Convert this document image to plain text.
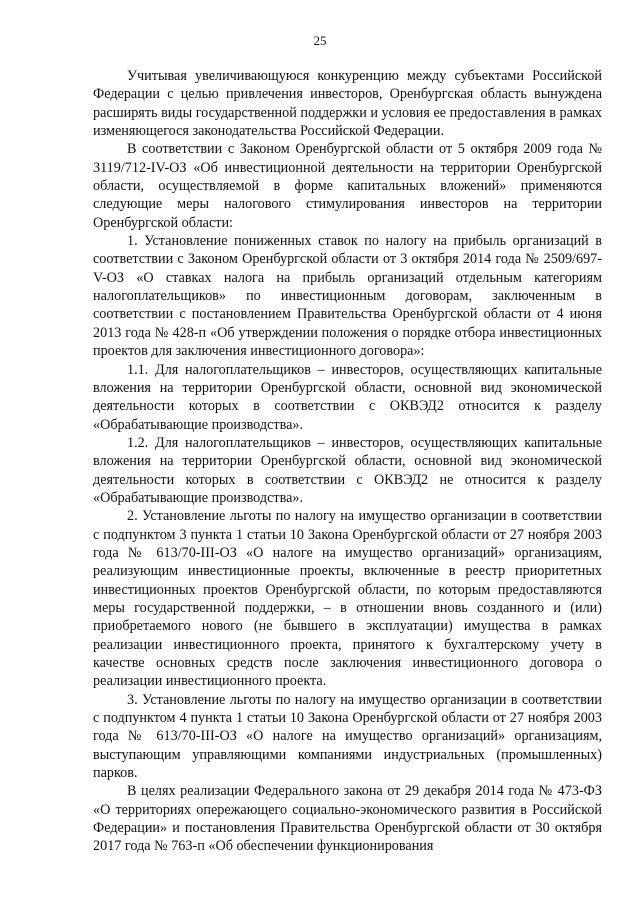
25

Учитывая увеличивающуюся конкуренцию между субъектами Российской Федерации с целью привлечения инвесторов, Оренбургская область вынуждена расширять виды государственной поддержки и условия ее предоставления в рамках изменяющегося законодательства Российской Федерации.

В соответствии с Законом Оренбургской области от 5 октября 2009 года № 3119/712-IV-ОЗ «Об инвестиционной деятельности на территории Оренбургской области, осуществляемой в форме капитальных вложений» применяются следующие меры налогового стимулирования инвесторов на территории Оренбургской области:

1. Установление пониженных ставок по налогу на прибыль организаций в соответствии с Законом Оренбургской области от 3 октября 2014 года № 2509/697-V-ОЗ «О ставках налога на прибыль организаций отдельным категориям налогоплательщиков» по инвестиционным договорам, заключенным в соответствии с постановлением Правительства Оренбургской области от 4 июня 2013 года № 428-п «Об утверждении положения о порядке отбора инвестиционных проектов для заключения инвестиционного договора»:

1.1. Для налогоплательщиков – инвесторов, осуществляющих капитальные вложения на территории Оренбургской области, основной вид экономической деятельности которых в соответствии с ОКВЭД2 относится к разделу «Обрабатывающие производства».

1.2. Для налогоплательщиков – инвесторов, осуществляющих капитальные вложения на территории Оренбургской области, основной вид экономической деятельности которых в соответствии с ОКВЭД2 не относится к разделу «Обрабатывающие производства».

2. Установление льготы по налогу на имущество организации в соответствии с подпунктом 3 пункта 1 статьи 10 Закона Оренбургской области от 27 ноября 2003 года № 613/70-III-ОЗ «О налоге на имущество организаций» организациям, реализующим инвестиционные проекты, включенные в реестр приоритетных инвестиционных проектов Оренбургской области, по которым предоставляются меры государственной поддержки, – в отношении вновь созданного и (или) приобретаемого нового (не бывшего в эксплуатации) имущества в рамках реализации инвестиционного проекта, принятого к бухгалтерскому учету в качестве основных средств после заключения инвестиционного договора о реализации инвестиционного проекта.

3. Установление льготы по налогу на имущество организации в соответствии с подпунктом 4 пункта 1 статьи 10 Закона Оренбургской области от 27 ноября 2003 года № 613/70-III-ОЗ «О налоге на имущество организаций» организациям, выступающим управляющими компаниями индустриальных (промышленных) парков.

В целях реализации Федерального закона от 29 декабря 2014 года № 473-ФЗ «О территориях опережающего социально-экономического развития в Российской Федерации» и постановления Правительства Оренбургской области от 30 октября 2017 года № 763-п «Об обеспечении функционирования
